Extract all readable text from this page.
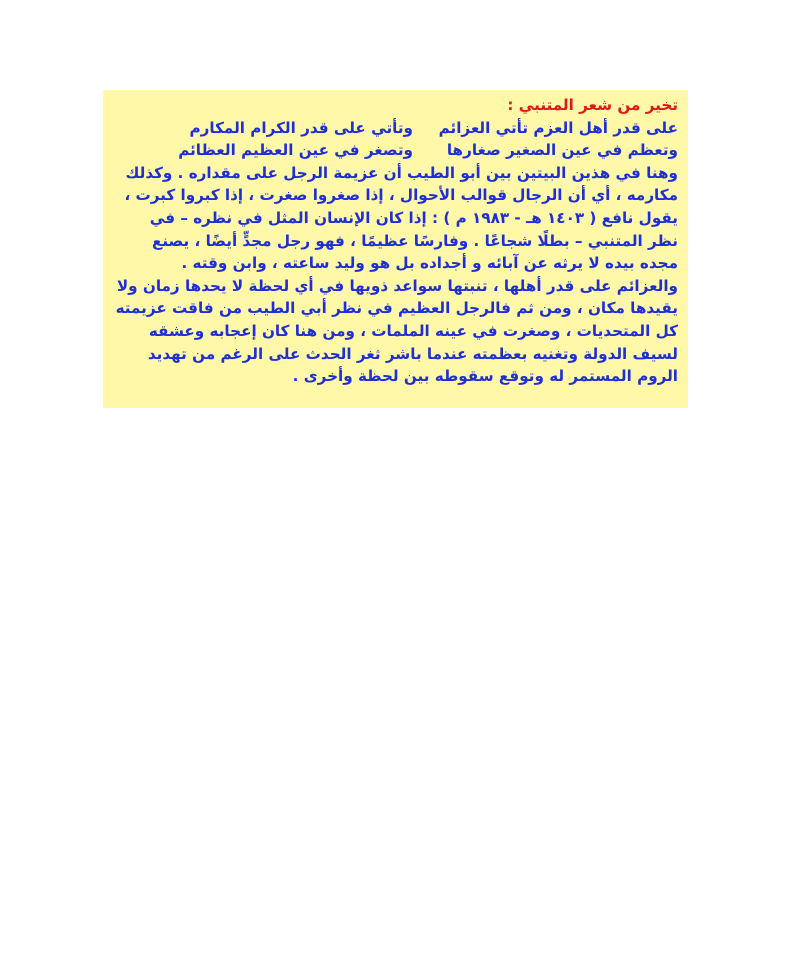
تخير من شعر المتنبي :

على قدر أهل العزم تأتي العزائم
وتأتي على قدر الكرام المكارم
وتعظم في عين الصغير صغارها
وتصغر في عين العظيم العظائم

وهنا في هذين البيتين بين أبو الطيب أن عزيمة الرجل على مقداره . وكذلك مكارمه ، أي أن الرجال قوالب الأحوال ، إذا صغروا صغرت ، إذا كبروا كبرت ، يقول نافع ( ١٤٠٣ هـ - ١٩٨٣ م ) : إذا كان الإنسان المثل في نظره – في نظر المتنبي – بطلًا شجاعًا . وفارسًا عظيمًا ، فهو رجل مجدٍّ أيضًا ، يصنع مجده بيده لا يرثه عن آبائه و أجداده بل هو وليد ساعته ، وابن وقته .

والعزائم على قدر أهلها ، تنبتها سواعد ذويها في أي لحظة لا يحدها زمان ولا يقيدها مكان ، ومن ثم فالرجل العظيم في نظر أبي الطيب من فاقت عزيمته كل المتحديات ، وصغرت في عينه الملمات ، ومن هنا كان إعجابه وعشقه لسيف الدولة وتغنيه بعظمته عندما باشر ثغر الحدث على الرغم من تهديد الروم المستمر له وتوقع سقوطه بين لحظة وأخرى .
